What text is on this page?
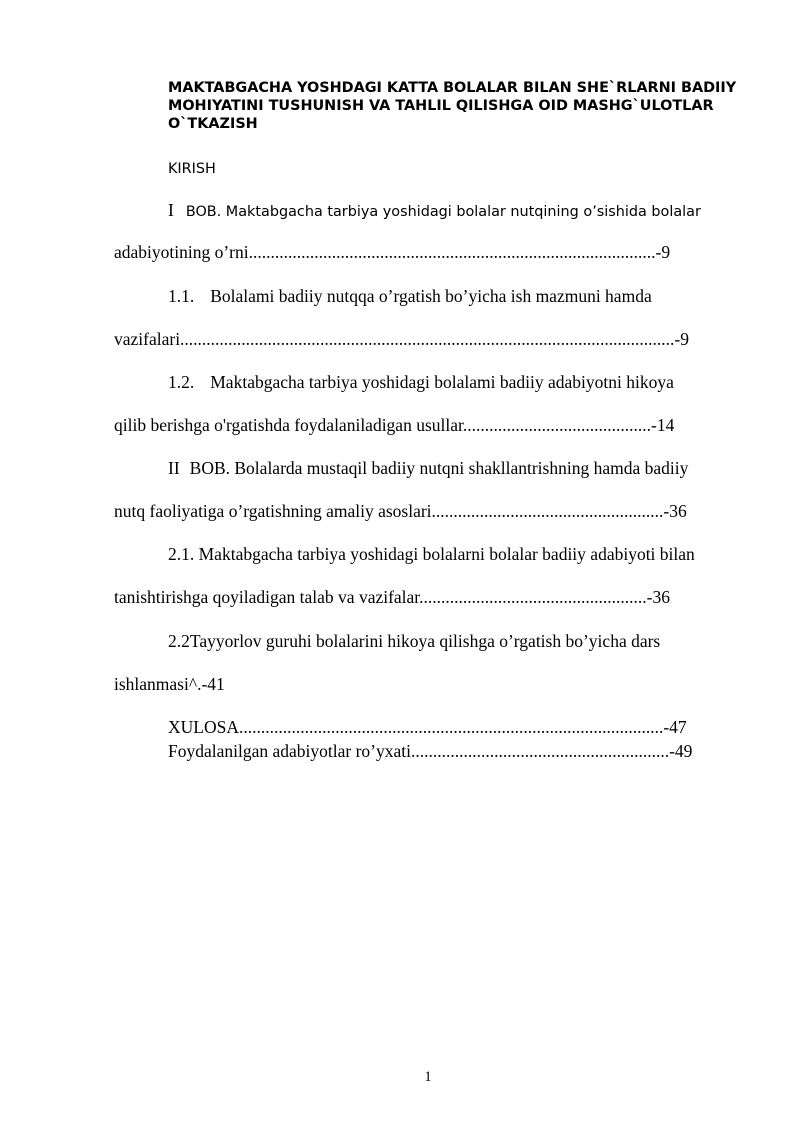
MAKTABGACHA YOSHDAGI KATTA BOLALAR BILAN SHE`RLARNI BADIIY MOHIYATINI TUSHUNISH VA TAHLIL QILISHGA OID MASHG`ULOTLAR O`TKAZISH
KIRISH
I BOB. Maktabgacha tarbiya yoshidagi bolalar nutqining o’sishida bolalar
adabiyotining o’rni.............................................................................................-9
1.1. Bolalami badiiy nutqqa o’rgatish bo’yicha ish mazmuni hamda
vazifalari.................................................................................................................-9
1.2. Maktabgacha tarbiya yoshidagi bolalami badiiy adabiyotni hikoya
qilib berishga o'rgatishda foydalaniladigan usullar...........................................-14
II BOB. Bolalarda mustaqil badiiy nutqni shakllantrishning hamda badiiy
nutq faoliyatiga o’rgatishning amaliy asoslari.....................................................-36
2.1. Maktabgacha tarbiya yoshidagi bolalarni bolalar badiiy adabiyoti bilan
tanishtirishga qoyiladigan talab va vazifalar....................................................-36
2.2Tayyorlov guruhi bolalarini hikoya qilishga o’rgatish bo’yicha dars
ishlanmasi^.-41
XULOSA.................................................................................................-47
Foydalanilgan adabiyotlar ro’yxati...........................................................-49
1
